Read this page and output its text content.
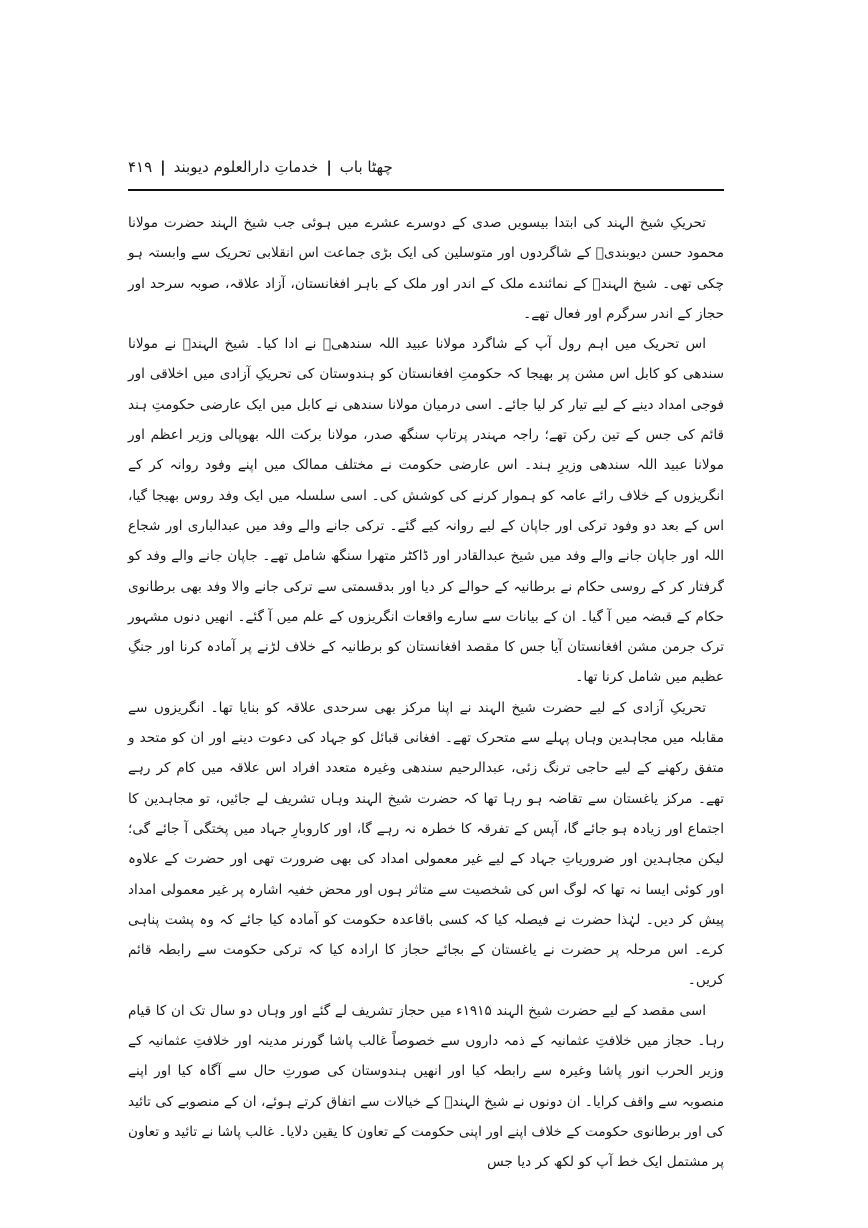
چھٹا باب
|
خدماتِ دارالعلوم دیوبند
|
۴۱۹

تحریکِ شیخ الہند کی ابتدا بیسویں صدی کے دوسرے عشرے میں ہوئی جب شیخ الہند حضرت مولانا محمود حسن دیوبندیؒ کے شاگردوں اور متوسلین کی ایک بڑی جماعت اس انقلابی تحریک سے وابستہ ہو چکی تھی۔ شیخ الہندؒ کے نمائندے ملک کے اندر اور ملک کے باہر افغانستان، آزاد علاقہ، صوبہ سرحد اور حجاز کے اندر سرگرم اور فعال تھے۔

اس تحریک میں اہم رول آپ کے شاگرد مولانا عبید اللہ سندھیؒ نے ادا کیا۔ شیخ الہندؒ نے مولانا سندھی کو کابل اس مشن پر بھیجا کہ حکومتِ افغانستان کو ہندوستان کی تحریکِ آزادی میں اخلاقی اور فوجی امداد دینے کے لیے تیار کر لیا جائے۔ اسی درمیان مولانا سندھی نے کابل میں ایک عارضی حکومتِ ہند قائم کی جس کے تین رکن تھے؛ راجہ مہندر پرتاپ سنگھ صدر، مولانا برکت اللہ بھوپالی وزیر اعظم اور مولانا عبید اللہ سندھی وزیرِ ہند۔ اس عارضی حکومت نے مختلف ممالک میں اپنے وفود روانہ کر کے انگریزوں کے خلاف رائے عامہ کو ہموار کرنے کی کوشش کی۔ اسی سلسلہ میں ایک وفد روس بھیجا گیا، اس کے بعد دو وفود ترکی اور جاپان کے لیے روانہ کیے گئے۔ ترکی جانے والے وفد میں عبدالباری اور شجاع اللہ اور جاپان جانے والے وفد میں شیخ عبدالقادر اور ڈاکٹر متھرا سنگھ شامل تھے۔ جاپان جانے والے وفد کو گرفتار کر کے روسی حکام نے برطانیہ کے حوالے کر دیا اور بدقسمتی سے ترکی جانے والا وفد بھی برطانوی حکام کے قبضہ میں آ گیا۔ ان کے بیانات سے سارے واقعات انگریزوں کے علم میں آ گئے۔ انھیں دنوں مشہور ترک جرمن مشن افغانستان آیا جس کا مقصد افغانستان کو برطانیہ کے خلاف لڑنے پر آمادہ کرنا اور جنگِ عظیم میں شامل کرنا تھا۔

تحریکِ آزادی کے لیے حضرت شیخ الہند نے اپنا مرکز بھی سرحدی علاقہ کو بنایا تھا۔ انگریزوں سے مقابلہ میں مجاہدین وہاں پہلے سے متحرک تھے۔ افغانی قبائل کو جہاد کی دعوت دینے اور ان کو متحد و متفق رکھنے کے لیے حاجی ترنگ زئی، عبدالرحیم سندھی وغیرہ متعدد افراد اس علاقہ میں کام کر رہے تھے۔ مرکز یاغستان سے تقاضہ ہو رہا تھا کہ حضرت شیخ الہند وہاں تشریف لے جائیں، تو مجاہدین کا اجتماع اور زیادہ ہو جائے گا، آپس کے تفرقہ کا خطرہ نہ رہے گا، اور کاروبارِ جہاد میں پختگی آ جائے گی؛ لیکن مجاہدین اور ضروریاتِ جہاد کے لیے غیر معمولی امداد کی بھی ضرورت تھی اور حضرت کے علاوہ اور کوئی ایسا نہ تھا کہ لوگ اس کی شخصیت سے متاثر ہوں اور محض خفیہ اشارہ پر غیر معمولی امداد پیش کر دیں۔ لہٰذا حضرت نے فیصلہ کیا کہ کسی باقاعدہ حکومت کو آمادہ کیا جائے کہ وہ پشت پناہی کرے۔ اس مرحلہ پر حضرت نے یاغستان کے بجائے حجاز کا ارادہ کیا کہ ترکی حکومت سے رابطہ قائم کریں۔

اسی مقصد کے لیے حضرت شیخ الہند ۱۹۱۵ء میں حجاز تشریف لے گئے اور وہاں دو سال تک ان کا قیام رہا۔ حجاز میں خلافتِ عثمانیہ کے ذمہ داروں سے خصوصاً غالب پاشا گورنر مدینہ اور خلافتِ عثمانیہ کے وزیر الحرب انور پاشا وغیرہ سے رابطہ کیا اور انھیں ہندوستان کی صورتِ حال سے آگاہ کیا اور اپنے منصوبہ سے واقف کرایا۔ ان دونوں نے شیخ الہندؒ کے خیالات سے اتفاق کرتے ہوئے، ان کے منصوبے کی تائید کی اور برطانوی حکومت کے خلاف اپنے اور اپنی حکومت کے تعاون کا یقین دلایا۔ غالب پاشا نے تائید و تعاون پر مشتمل ایک خط آپ کو لکھ کر دیا جس
